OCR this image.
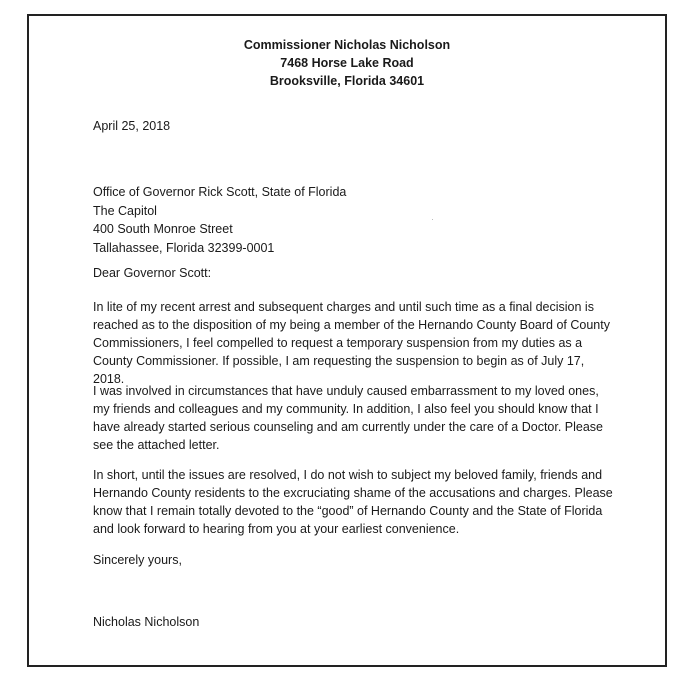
Commissioner Nicholas Nicholson
7468 Horse Lake Road
Brooksville, Florida 34601
April 25, 2018
Office of Governor Rick Scott, State of Florida
The Capitol
400 South Monroe Street
Tallahassee, Florida 32399-0001
Dear Governor Scott:
In lite of my recent arrest and subsequent charges and until such time as a final decision is reached as to the disposition of my being a member of the Hernando County Board of County Commissioners, I feel compelled to request a temporary suspension from my duties as a County Commissioner. If possible, I am requesting the suspension to begin as of July 17, 2018.
I was involved in circumstances that have unduly caused embarrassment to my loved ones, my friends and colleagues and my community. In addition, I also feel you should know that I have already started serious counseling and am currently under the care of a Doctor. Please see the attached letter.
In short, until the issues are resolved, I do not wish to subject my beloved family, friends and Hernando County residents to the excruciating shame of the accusations and charges. Please know that I remain totally devoted to the “good” of Hernando County and the State of Florida and look forward to hearing from you at your earliest convenience.
Sincerely yours,
Nicholas Nicholson
